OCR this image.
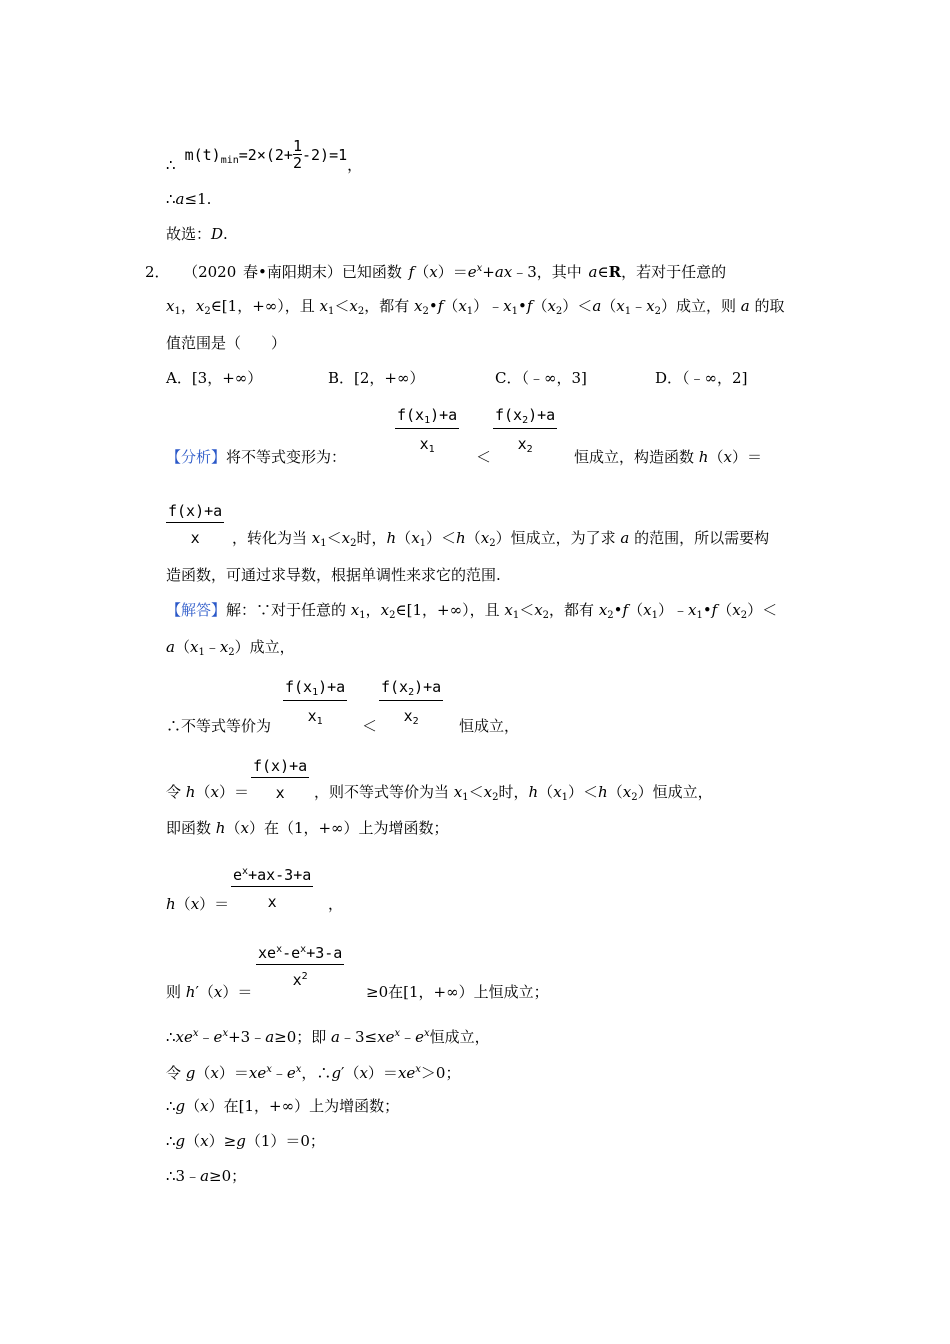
∴ $m(t)_{min}=2\times(2+ \frac{1}{2} -2)=1$，
∴a≤1.
故选：D.
2．  （2020 春•南阳期末）已知函数 $f(x)=e^x+ax﹣3$，其中 a∈R，若对于任意的
$x_1$，$x_2\in[1$，+∞），且 $x_1<x_2$，都有 $x_2•f(x_1)﹣x_1•f(x_2)<a(x_1﹣x_2)$成立，则 a 的取
值范围是（　　）
A．[3，+∞）	B．[2，+∞）	C．（﹣∞，3]	D．（﹣∞，2]
$\frac{f(x_1)+a}{x_1} \frac{f(x_2)+a}{x_2}$
【分析】将不等式变形为：	＜	恒成立，构造函数 h（x）＝
$\frac{f(x)+a}{x}$ ，转化为当 $x_1<x_2$时，$h(x_1)<h(x_2)$恒成立，为了求 a 的范围，所以需要构
造函数，可通过求导数，根据单调性来求它的范围.
【解答】解：∵对于任意的 $x_1$，$x_2\in[1$，+∞），且 $x_1<x_2$，都有 $x_2•f(x_1)﹣x_1•f(x_2)<$
$a(x_1﹣x_2)$成立，
$\frac{f(x_1)+a}{x_1} \frac{f(x_2)+a}{x_2}$
∴不等式等价为	＜	恒成立，
$\frac{f(x)+a}{x}$
令 h（x）＝	，则不等式等价为当 $x_1<x_2$时，$h(x_1)<h(x_2)$恒成立，
即函数 h（x）在（1，+∞）上为增函数；
$\frac{e^x+ax-3+a}{x}$
h（x）＝	，
$xe^x-e^x+3-a$
$x^2$
则 h′（x）＝	≥0在[1，+∞）上恒成立；
$\therefore xe^x﹣e^x+3﹣a\ge 0$；即 $a﹣3\le xe^x﹣e^x$恒成立，
令 $g(x)=xe^x﹣e^x$，$\therefore g'(x)=xe^x>0$；
∴g（x）在[1，+∞）上为增函数；
∴g（x）≥g（1）＝0；
∴3﹣a≥0；
